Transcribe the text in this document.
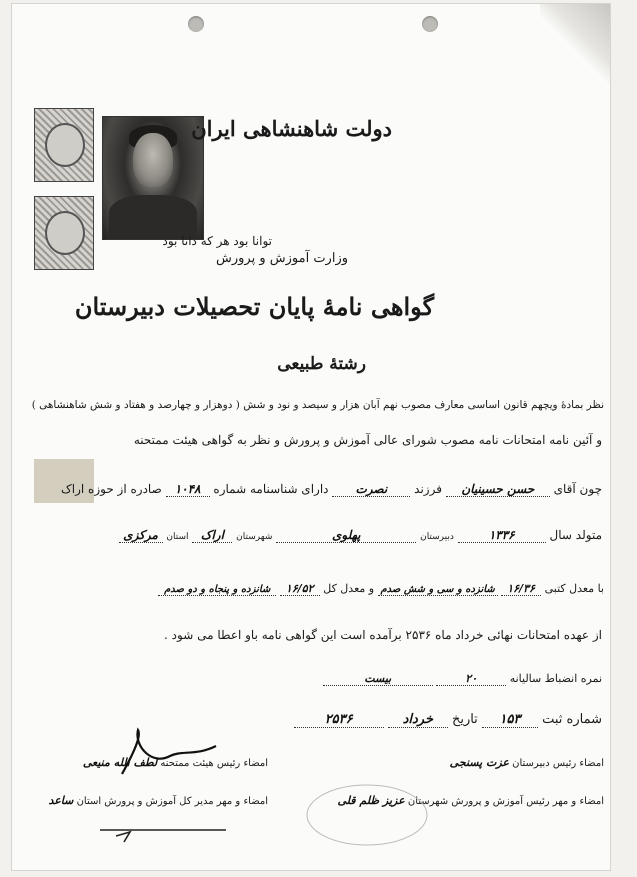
دولت شاهنشاهی ایران
توانا بود هر که دانا بود
وزارت آموزش و پرورش
گواهی نامهٔ پایان تحصیلات دبیرستان
رشتهٔ طبیعی
نظر بمادهٔ ویچهم قانون اساسی معارف مصوب نهم آبان هزار و سیصد و نود و شش ( دوهزار و چهارصد و هفتاد و شش شاهنشاهی )
و آئین نامه امتحانات نامه مصوب شورای عالی آموزش و پرورش و نظر به گواهی هیئت ممتحنه
چون آقای حسن حسینیان فرزند نصرت دارای شناسنامه شماره ۱۰۴۸ صادره از حوزه اراک
متولد سال ۱۳۳۶ دبیرستان پهلوی شهرستان اراک استان مرکزی
با معدل کتبی ۱۶/۳۶ شانزده و سی و شش صدم و معدل کل ۱۶/۵۲ شانزده و پنجاه و دو صدم
از عهده امتحانات نهائی خرداد ماه ۲۵۳۶ برآمده است این گواهی نامه باو اعطا می شود .
نمره انضباط سالیانه ۲۰ بیست
شماره ثبت ۱۵۳ تاریخ خرداد ۲۵۳۶
امضاء رئیس دبیرستان عزت پسنجی
امضاء رئیس هیئت ممتحنه لطف الله منیعی
امضاء و مهر رئیس آموزش و پرورش شهرستان عزیز ظلم قلی
امضاء و مهر مدیر کل آموزش و پرورش استان ساعد
